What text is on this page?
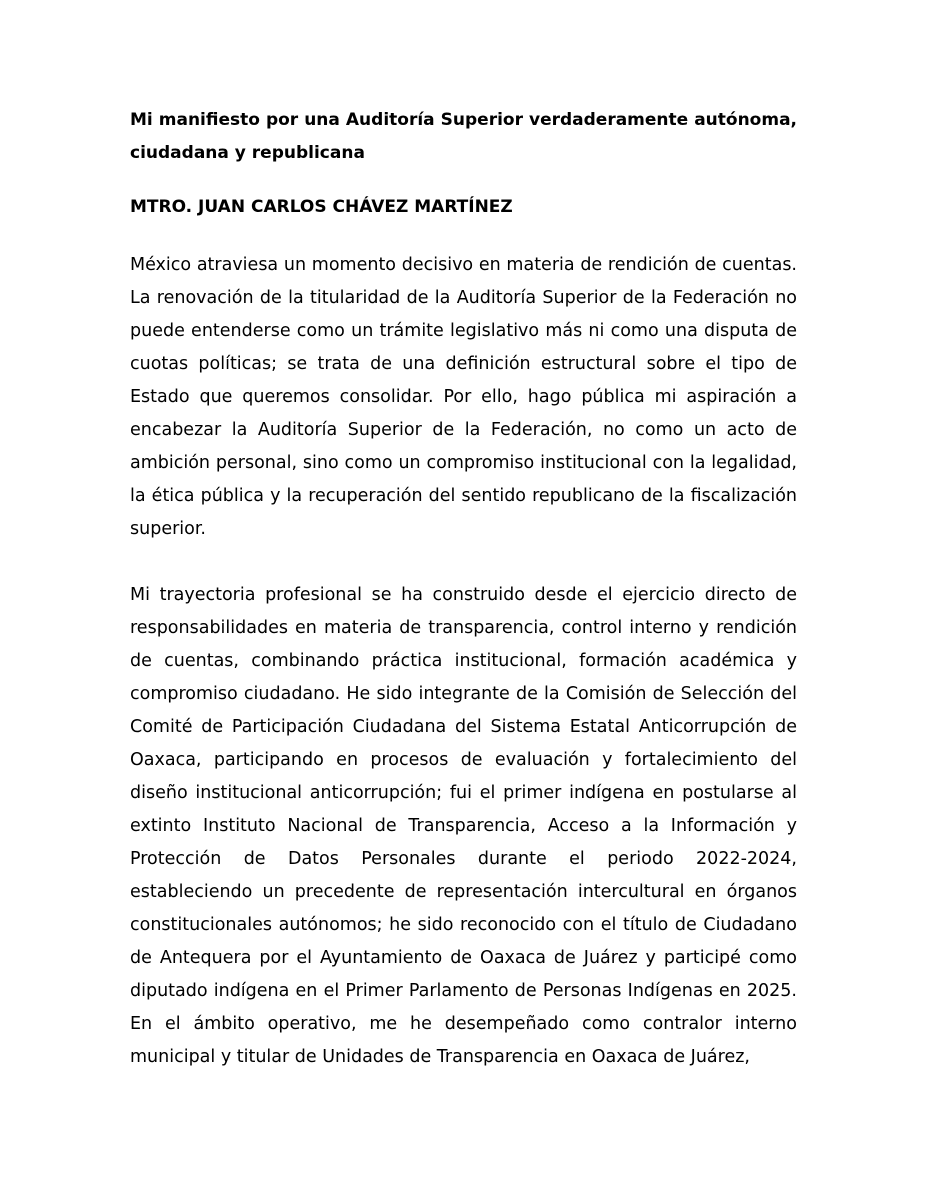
Mi manifiesto por una Auditoría Superior verdaderamente autónoma, ciudadana y republicana

MTRO. JUAN CARLOS CHÁVEZ MARTÍNEZ

México atraviesa un momento decisivo en materia de rendición de cuentas. La renovación de la titularidad de la Auditoría Superior de la Federación no puede entenderse como un trámite legislativo más ni como una disputa de cuotas políticas; se trata de una definición estructural sobre el tipo de Estado que queremos consolidar. Por ello, hago pública mi aspiración a encabezar la Auditoría Superior de la Federación, no como un acto de ambición personal, sino como un compromiso institucional con la legalidad, la ética pública y la recuperación del sentido republicano de la fiscalización superior.

Mi trayectoria profesional se ha construido desde el ejercicio directo de responsabilidades en materia de transparencia, control interno y rendición de cuentas, combinando práctica institucional, formación académica y compromiso ciudadano. He sido integrante de la Comisión de Selección del Comité de Participación Ciudadana del Sistema Estatal Anticorrupción de Oaxaca, participando en procesos de evaluación y fortalecimiento del diseño institucional anticorrupción; fui el primer indígena en postularse al extinto Instituto Nacional de Transparencia, Acceso a la Información y Protección de Datos Personales durante el periodo 2022-2024, estableciendo un precedente de representación intercultural en órganos constitucionales autónomos; he sido reconocido con el título de Ciudadano de Antequera por el Ayuntamiento de Oaxaca de Juárez y participé como diputado indígena en el Primer Parlamento de Personas Indígenas en 2025. En el ámbito operativo, me he desempeñado como contralor interno municipal y titular de Unidades de Transparencia en Oaxaca de Juárez,
